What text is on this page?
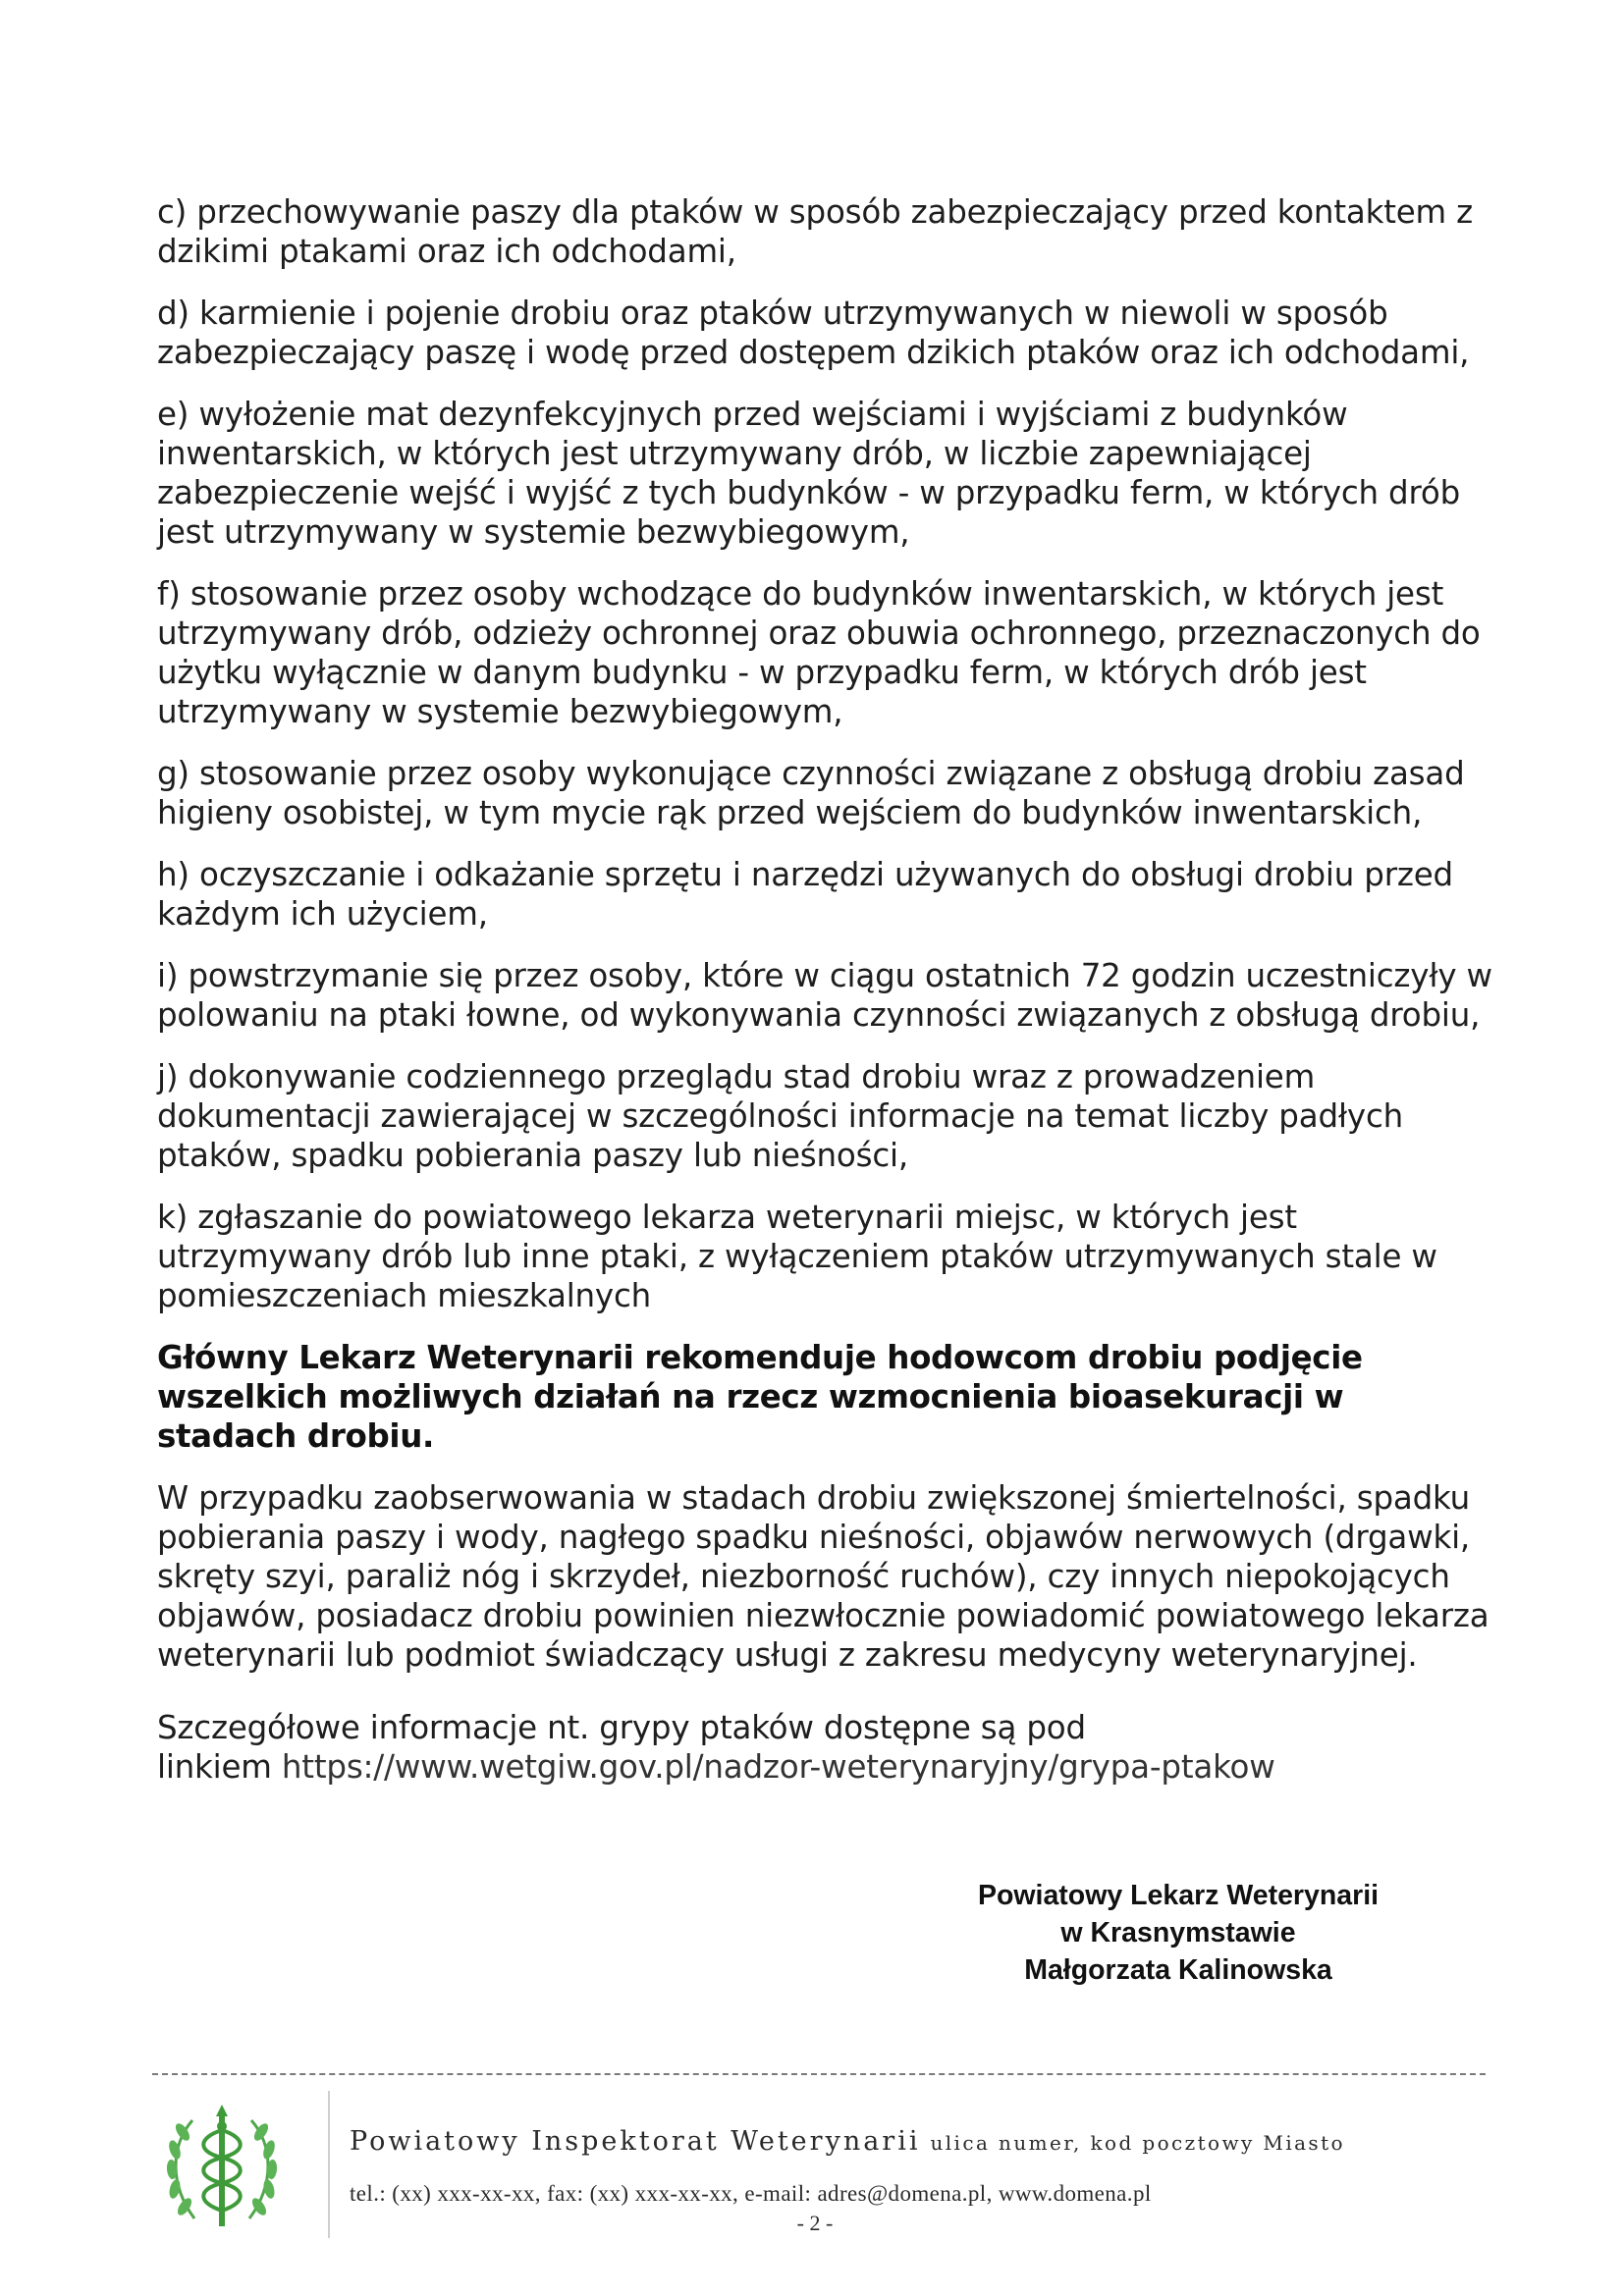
c) przechowywanie paszy dla ptaków w sposób zabezpieczający przed kontaktem z dzikimi ptakami oraz ich odchodami,

d) karmienie i pojenie drobiu oraz ptaków utrzymywanych w niewoli w sposób zabezpieczający paszę i wodę przed dostępem dzikich ptaków oraz ich odchodami,

e) wyłożenie mat dezynfekcyjnych przed wejściami i wyjściami z budynków inwentarskich, w których jest utrzymywany drób, w liczbie zapewniającej zabezpieczenie wejść i wyjść z tych budynków - w przypadku ferm, w których drób jest utrzymywany w systemie bezwybiegowym,

f) stosowanie przez osoby wchodzące do budynków inwentarskich, w których jest utrzymywany drób, odzieży ochronnej oraz obuwia ochronnego, przeznaczonych do użytku wyłącznie w danym budynku - w przypadku ferm, w których drób jest utrzymywany w systemie bezwybiegowym,

g) stosowanie przez osoby wykonujące czynności związane z obsługą drobiu zasad higieny osobistej, w tym mycie rąk przed wejściem do budynków inwentarskich,

h) oczyszczanie i odkażanie sprzętu i narzędzi używanych do obsługi drobiu przed każdym ich użyciem,

i) powstrzymanie się przez osoby, które w ciągu ostatnich 72 godzin uczestniczyły w polowaniu na ptaki łowne, od wykonywania czynności związanych z obsługą drobiu,

j) dokonywanie codziennego przeglądu stad drobiu wraz z prowadzeniem dokumentacji zawierającej w szczególności informacje na temat liczby padłych ptaków, spadku pobierania paszy lub nieśności,

k) zgłaszanie do powiatowego lekarza weterynarii miejsc, w których jest utrzymywany drób lub inne ptaki, z wyłączeniem ptaków utrzymywanych stale w pomieszczeniach mieszkalnych

Główny Lekarz Weterynarii rekomenduje hodowcom drobiu podjęcie wszelkich możliwych działań na rzecz wzmocnienia bioasekuracji w stadach drobiu.

W przypadku zaobserwowania w stadach drobiu zwiększonej śmiertelności, spadku pobierania paszy i wody, nagłego spadku nieśności, objawów nerwowych (drgawki, skręty szyi, paraliż nóg i skrzydeł, niezborność ruchów), czy innych niepokojących objawów, posiadacz drobiu powinien niezwłocznie powiadomić powiatowego lekarza weterynarii lub podmiot świadczący usługi z zakresu medycyny weterynaryjnej.

Szczegółowe informacje nt. grypy ptaków dostępne są pod
linkiem https://www.wetgiw.gov.pl/nadzor-weterynaryjny/grypa-ptakow
Powiatowy Lekarz Weterynarii
w Krasnymstawie
Małgorzata Kalinowska
Powiatowy Inspektorat Weterynarii ulica numer, kod pocztowy Miasto
tel.: (xx) xxx-xx-xx, fax: (xx) xxx-xx-xx, e-mail: adres@domena.pl, www.domena.pl
- 2 -
